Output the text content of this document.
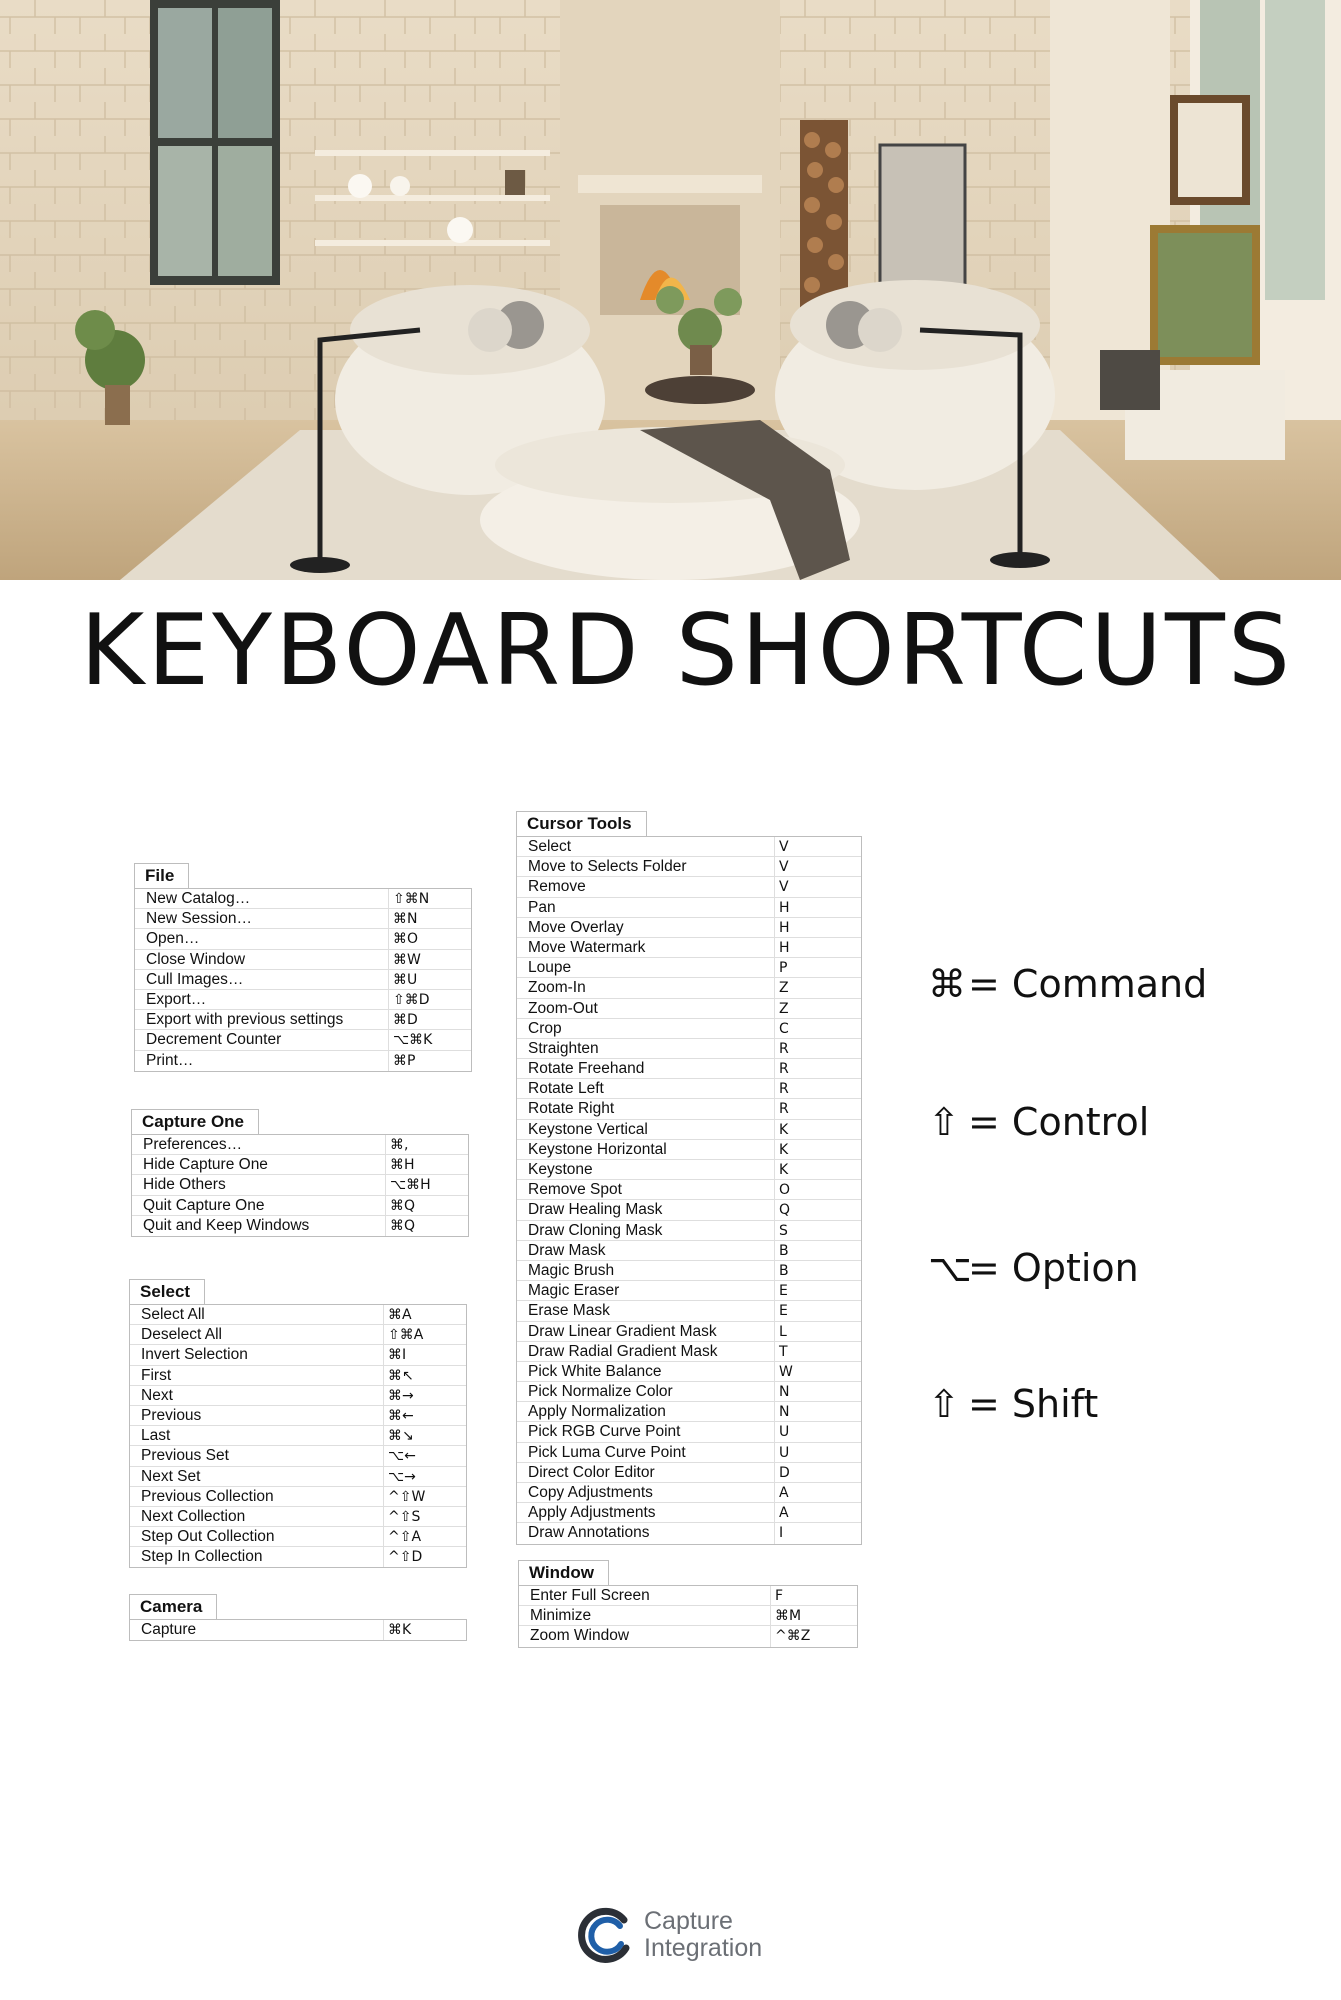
KEYBOARD SHORTCUTS
File
New Catalog…	⇧⌘N
New Session…	⌘N
Open…	⌘O
Close Window	⌘W
Cull Images…	⌘U
Export…	⇧⌘D
Export with previous settings	⌘D
Decrement Counter	⌥⌘K
Print…	⌘P
Capture One
Preferences…	⌘,
Hide Capture One	⌘H
Hide Others	⌥⌘H
Quit Capture One	⌘Q
Quit and Keep Windows	⌘Q
Select
Select All	⌘A
Deselect All	⇧⌘A
Invert Selection	⌘I
First	⌘↖
Next	⌘→
Previous	⌘←
Last	⌘↘
Previous Set	⌥←
Next Set	⌥→
Previous Collection	^⇧W
Next Collection	^⇧S
Step Out Collection	^⇧A
Step In Collection	^⇧D
Camera
Capture	⌘K
Cursor Tools
Select	V
Move to Selects Folder	V
Remove	V
Pan	H
Move Overlay	H
Move Watermark	H
Loupe	P
Zoom-In	Z
Zoom-Out	Z
Crop	C
Straighten	R
Rotate Freehand	R
Rotate Left	R
Rotate Right	R
Keystone Vertical	K
Keystone Horizontal	K
Keystone	K
Remove Spot	O
Draw Healing Mask	Q
Draw Cloning Mask	S
Draw Mask	B
Magic Brush	B
Magic Eraser	E
Erase Mask	E
Draw Linear Gradient Mask	L
Draw Radial Gradient Mask	T
Pick White Balance	W
Pick Normalize Color	N
Apply Normalization	N
Pick RGB Curve Point	U
Pick Luma Curve Point	U
Direct Color Editor	D
Copy Adjustments	A
Apply Adjustments	A
Draw Annotations	I
Window
Enter Full Screen	F
Minimize	⌘M
Zoom Window	^⌘Z
⌘= Command
⇧ = Control
⌥= Option
⇧ = Shift
Capture
Integration
